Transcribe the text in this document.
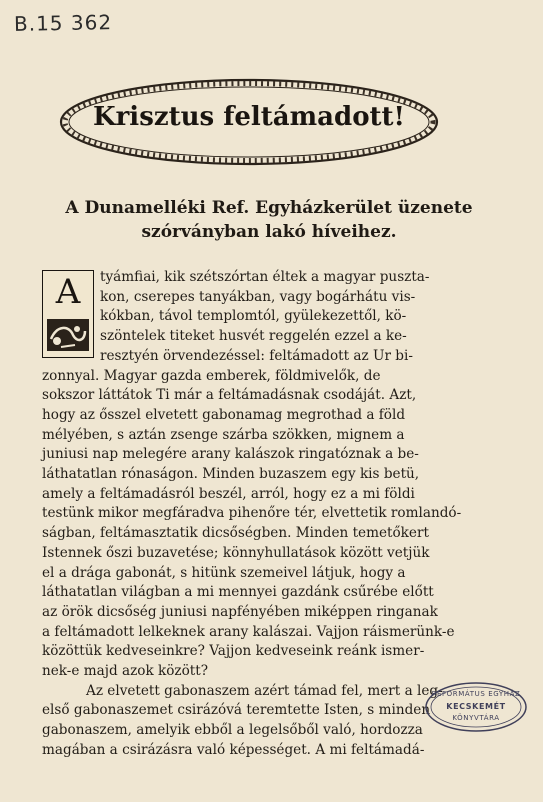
B.15 362
Krisztus feltámadott!
A Dunamelléki Ref. Egyházkerület üzenete
szórványban lakó híveihez.
A	tyámfiai, kik szétszórtan éltek a magyar puszta-
kon, cserepes tanyákban, vagy bogárhátu vis-
kókban, távol templomtól, gyülekezettől, kö-
szöntelek titeket husvét reggelén ezzel a ke-
resztyén örvendezéssel: feltámadott az Ur bi-
zonnyal. Magyar gazda emberek, földmivelők, de
sokszor láttátok Ti már a feltámadásnak csodáját. Azt,
hogy az ősszel elvetett gabonamag megrothad a föld
mélyében, s aztán zsenge szárba szökken, mignem a
juniusi nap melegére arany kalászok ringatóznak a be-
láthatatlan rónaságon. Minden buzaszem egy kis betü,
amely a feltámadásról beszél, arról, hogy ez a mi földi
testünk mikor megfáradva pihenőre tér, elvettetik romlandó-
ságban, feltámasztatik dicsőségben. Minden temetőkert
Istennek őszi buzavetése; könnyhullatások között vetjük
el a drága gabonát, s hitünk szemeivel látjuk, hogy a
láthatatlan világban a mi mennyei gazdánk csűrébe előtt
az örök dicsőség juniusi napfényében miképpen ringanak
a feltámadott lelkeknek arany kalászai. Vajjon ráismerünk-e
közöttük kedveseinkre? Vajjon kedveseink reánk ismer-
nek-e majd azok között?
Az elvetett gabonaszem azért támad fel, mert a leg-
első gabonaszemet csirázóvá teremtette Isten, s minden
gabonaszem, amelyik ebből a legelsőből való, hordozza
magában a csirázásra való képességet. A mi feltámadá-
REFORMÁTUS EGYHÁZ
KECSKEMÉT
KÖNYVTÁRA
